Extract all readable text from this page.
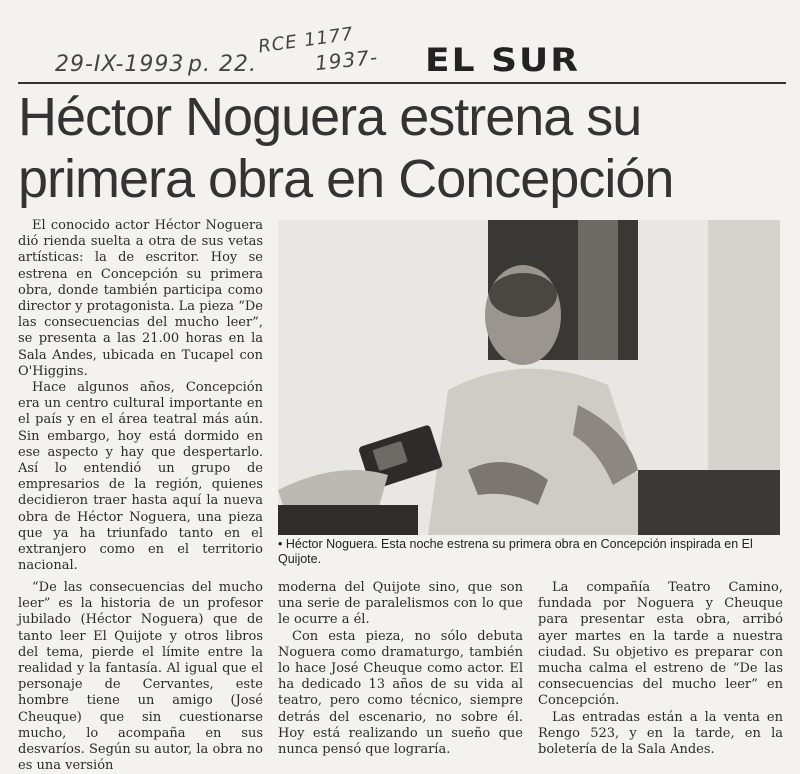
29-IX-1993 p. 22.
RCE 1177
1937- EL SUR
Héctor Noguera estrena su primera obra en Concepción

El conocido actor Héctor Noguera dió rienda suelta a otra de sus vetas artísticas: la de escritor. Hoy se estrena en Concepción su primera obra, donde también participa como director y protagonista. La pieza “De las consecuencias del mucho leer”, se presenta a las 21.00 horas en la Sala Andes, ubicada en Tucapel con O'Higgins.

Hace algunos años, Concepción era un centro cultural importante en el país y en el área teatral más aún. Sin embargo, hoy está dormido en ese aspecto y hay que despertarlo. Así lo entendió un grupo de empresarios de la región, quienes decidieron traer hasta aquí la nueva obra de Héctor Noguera, una pieza que ya ha triunfado tanto en el extranjero como en el territorio nacional.

• Héctor Noguera. Esta noche estrena su primera obra en Concepción inspirada en El Quijote.

“De las consecuencias del mucho leer” es la historia de un profesor jubilado (Héctor Noguera) que de tanto leer El Quijote y otros libros del tema, pierde el límite entre la realidad y la fantasía. Al igual que el personaje de Cervantes, este hombre tiene un amigo (José Cheuque) que sin cuestionarse mucho, lo acompaña en sus desvaríos. Según su autor, la obra no es una versión

moderna del Quijote sino, que son una serie de paralelismos con lo que le ocurre a él.

Con esta pieza, no sólo debuta Noguera como dramaturgo, también lo hace José Cheuque como actor. El ha dedicado 13 años de su vida al teatro, pero como técnico, siempre detrás del escenario, no sobre él. Hoy está realizando un sueño que nunca pensó que lograría.

La compañía Teatro Camino, fundada por Noguera y Cheuque para presentar esta obra, arribó ayer martes en la tarde a nuestra ciudad. Su objetivo es preparar con mucha calma el estreno de “De las consecuencias del mucho leer” en Concepción.

Las entradas están a la venta en Rengo 523, y en la tarde, en la boletería de la Sala Andes.
